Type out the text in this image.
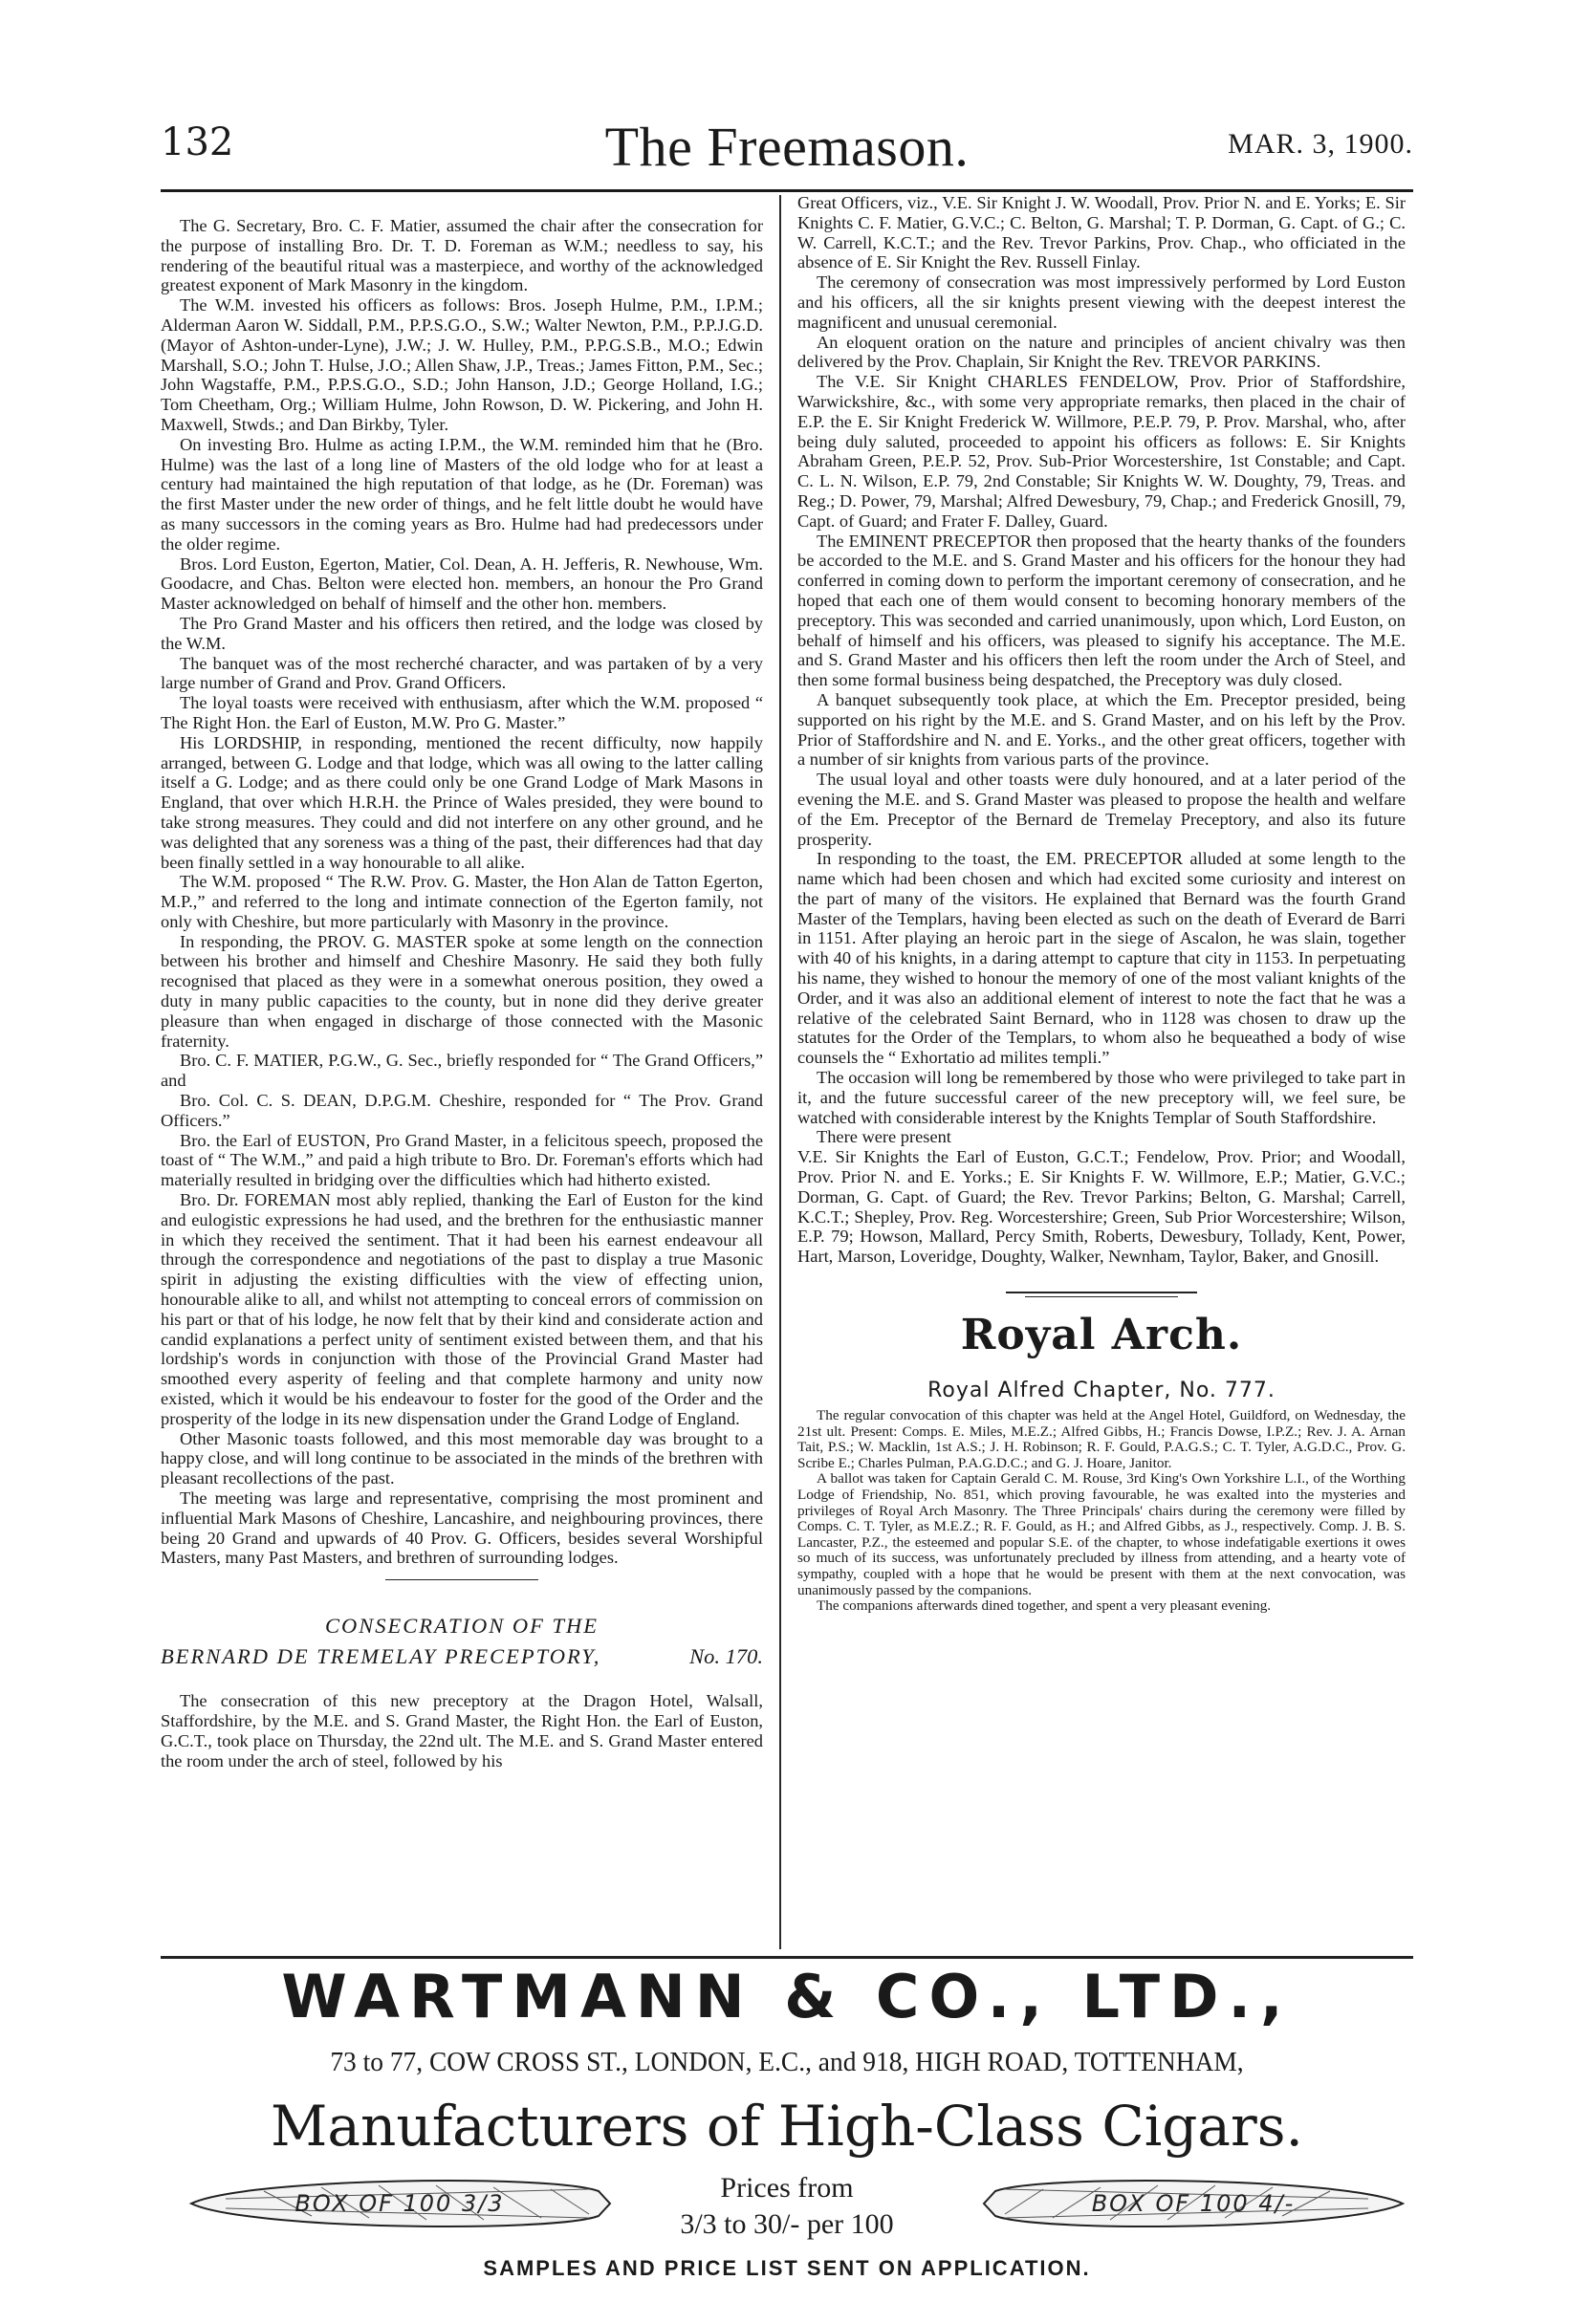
132	The Freemason.	MAR. 3, 1900.

The G. Secretary, Bro. C. F. Matier, assumed the chair after the consecration for the purpose of installing Bro. Dr. T. D. Foreman as W.M.; needless to say, his rendering of the beautiful ritual was a masterpiece, and worthy of the acknowledged greatest exponent of Mark Masonry in the kingdom.

The W.M. invested his officers as follows: Bros. Joseph Hulme, P.M., I.P.M.; Alderman Aaron W. Siddall, P.M., P.P.S.G.O., S.W.; Walter Newton, P.M., P.P.J.G.D. (Mayor of Ashton-under-Lyne), J.W.; J. W. Hulley, P.M., P.P.G.S.B., M.O.; Edwin Marshall, S.O.; John T. Hulse, J.O.; Allen Shaw, J.P., Treas.; James Fitton, P.M., Sec.; John Wagstaffe, P.M., P.P.S.G.O., S.D.; John Hanson, J.D.; George Holland, I.G.; Tom Cheetham, Org.; William Hulme, John Rowson, D. W. Pickering, and John H. Maxwell, Stwds.; and Dan Birkby, Tyler.

On investing Bro. Hulme as acting I.P.M., the W.M. reminded him that he (Bro. Hulme) was the last of a long line of Masters of the old lodge who for at least a century had maintained the high reputation of that lodge, as he (Dr. Foreman) was the first Master under the new order of things, and he felt little doubt he would have as many successors in the coming years as Bro. Hulme had had predecessors under the older regime.

Bros. Lord Euston, Egerton, Matier, Col. Dean, A. H. Jefferis, R. Newhouse, Wm. Goodacre, and Chas. Belton were elected hon. members, an honour the Pro Grand Master acknowledged on behalf of himself and the other hon. members.

The Pro Grand Master and his officers then retired, and the lodge was closed by the W.M.

The banquet was of the most recherché character, and was partaken of by a very large number of Grand and Prov. Grand Officers.

The loyal toasts were received with enthusiasm, after which the W.M. proposed “ The Right Hon. the Earl of Euston, M.W. Pro G. Master.”

His LORDSHIP, in responding, mentioned the recent difficulty, now happily arranged, between G. Lodge and that lodge, which was all owing to the latter calling itself a G. Lodge; and as there could only be one Grand Lodge of Mark Masons in England, that over which H.R.H. the Prince of Wales presided, they were bound to take strong measures. They could and did not interfere on any other ground, and he was delighted that any soreness was a thing of the past, their differences had that day been finally settled in a way honourable to all alike.

The W.M. proposed “ The R.W. Prov. G. Master, the Hon Alan de Tatton Egerton, M.P.,” and referred to the long and intimate connection of the Egerton family, not only with Cheshire, but more particularly with Masonry in the province.

In responding, the PROV. G. MASTER spoke at some length on the connection between his brother and himself and Cheshire Masonry. He said they both fully recognised that placed as they were in a somewhat onerous position, they owed a duty in many public capacities to the county, but in none did they derive greater pleasure than when engaged in discharge of those connected with the Masonic fraternity.

Bro. C. F. MATIER, P.G.W., G. Sec., briefly responded for “ The Grand Officers,” and

Bro. Col. C. S. DEAN, D.P.G.M. Cheshire, responded for “ The Prov. Grand Officers.”

Bro. the Earl of EUSTON, Pro Grand Master, in a felicitous speech, proposed the toast of “ The W.M.,” and paid a high tribute to Bro. Dr. Foreman's efforts which had materially resulted in bridging over the difficulties which had hitherto existed.

Bro. Dr. FOREMAN most ably replied, thanking the Earl of Euston for the kind and eulogistic expressions he had used, and the brethren for the enthusiastic manner in which they received the sentiment. That it had been his earnest endeavour all through the correspondence and negotiations of the past to display a true Masonic spirit in adjusting the existing difficulties with the view of effecting union, honourable alike to all, and whilst not attempting to conceal errors of commission on his part or that of his lodge, he now felt that by their kind and considerate action and candid explanations a perfect unity of sentiment existed between them, and that his lordship's words in conjunction with those of the Provincial Grand Master had smoothed every asperity of feeling and that complete harmony and unity now existed, which it would be his endeavour to foster for the good of the Order and the prosperity of the lodge in its new dispensation under the Grand Lodge of England.

Other Masonic toasts followed, and this most memorable day was brought to a happy close, and will long continue to be associated in the minds of the brethren with pleasant recollections of the past.

The meeting was large and representative, comprising the most prominent and influential Mark Masons of Cheshire, Lancashire, and neighbouring provinces, there being 20 Grand and upwards of 40 Prov. G. Officers, besides several Worshipful Masters, many Past Masters, and brethren of surrounding lodges.

CONSECRATION OF THE
No. 170.
BERNARD DE TREMELAY PRECEPTORY,

The consecration of this new preceptory at the Dragon Hotel, Walsall, Staffordshire, by the M.E. and S. Grand Master, the Right Hon. the Earl of Euston, G.C.T., took place on Thursday, the 22nd ult. The M.E. and S. Grand Master entered the room under the arch of steel, followed by his

Great Officers, viz., V.E. Sir Knight J. W. Woodall, Prov. Prior N. and E. Yorks; E. Sir Knights C. F. Matier, G.V.C.; C. Belton, G. Marshal; T. P. Dorman, G. Capt. of G.; C. W. Carrell, K.C.T.; and the Rev. Trevor Parkins, Prov. Chap., who officiated in the absence of E. Sir Knight the Rev. Russell Finlay.

The ceremony of consecration was most impressively performed by Lord Euston and his officers, all the sir knights present viewing with the deepest interest the magnificent and unusual ceremonial.

An eloquent oration on the nature and principles of ancient chivalry was then delivered by the Prov. Chaplain, Sir Knight the Rev. TREVOR PARKINS.

The V.E. Sir Knight CHARLES FENDELOW, Prov. Prior of Staffordshire, Warwickshire, &c., with some very appropriate remarks, then placed in the chair of E.P. the E. Sir Knight Frederick W. Willmore, P.E.P. 79, P. Prov. Marshal, who, after being duly saluted, proceeded to appoint his officers as follows: E. Sir Knights Abraham Green, P.E.P. 52, Prov. Sub-Prior Worcestershire, 1st Constable; and Capt. C. L. N. Wilson, E.P. 79, 2nd Constable; Sir Knights W. W. Doughty, 79, Treas. and Reg.; D. Power, 79, Marshal; Alfred Dewesbury, 79, Chap.; and Frederick Gnosill, 79, Capt. of Guard; and Frater F. Dalley, Guard.

The EMINENT PRECEPTOR then proposed that the hearty thanks of the founders be accorded to the M.E. and S. Grand Master and his officers for the honour they had conferred in coming down to perform the important ceremony of consecration, and he hoped that each one of them would consent to becoming honorary members of the preceptory. This was seconded and carried unanimously, upon which, Lord Euston, on behalf of himself and his officers, was pleased to signify his acceptance. The M.E. and S. Grand Master and his officers then left the room under the Arch of Steel, and then some formal business being despatched, the Preceptory was duly closed.

A banquet subsequently took place, at which the Em. Preceptor presided, being supported on his right by the M.E. and S. Grand Master, and on his left by the Prov. Prior of Staffordshire and N. and E. Yorks., and the other great officers, together with a number of sir knights from various parts of the province.

The usual loyal and other toasts were duly honoured, and at a later period of the evening the M.E. and S. Grand Master was pleased to propose the health and welfare of the Em. Preceptor of the Bernard de Tremelay Preceptory, and also its future prosperity.

In responding to the toast, the EM. PRECEPTOR alluded at some length to the name which had been chosen and which had excited some curiosity and interest on the part of many of the visitors. He explained that Bernard was the fourth Grand Master of the Templars, having been elected as such on the death of Everard de Barri in 1151. After playing an heroic part in the siege of Ascalon, he was slain, together with 40 of his knights, in a daring attempt to capture that city in 1153. In perpetuating his name, they wished to honour the memory of one of the most valiant knights of the Order, and it was also an additional element of interest to note the fact that he was a relative of the celebrated Saint Bernard, who in 1128 was chosen to draw up the statutes for the Order of the Templars, to whom also he bequeathed a body of wise counsels the “ Exhortatio ad milites templi.”

The occasion will long be remembered by those who were privileged to take part in it, and the future successful career of the new preceptory will, we feel sure, be watched with considerable interest by the Knights Templar of South Staffordshire.

There were present

V.E. Sir Knights the Earl of Euston, G.C.T.; Fendelow, Prov. Prior; and Woodall, Prov. Prior N. and E. Yorks.; E. Sir Knights F. W. Willmore, E.P.; Matier, G.V.C.; Dorman, G. Capt. of Guard; the Rev. Trevor Parkins; Belton, G. Marshal; Carrell, K.C.T.; Shepley, Prov. Reg. Worcestershire; Green, Sub Prior Worcestershire; Wilson, E.P. 79; Howson, Mallard, Percy Smith, Roberts, Dewesbury, Tollady, Kent, Power, Hart, Marson, Loveridge, Doughty, Walker, Newnham, Taylor, Baker, and Gnosill.

Royal Arch.
Royal Alfred Chapter, No. 777.

The regular convocation of this chapter was held at the Angel Hotel, Guildford, on Wednesday, the 21st ult. Present: Comps. E. Miles, M.E.Z.; Alfred Gibbs, H.; Francis Dowse, I.P.Z.; Rev. J. A. Arnan Tait, P.S.; W. Macklin, 1st A.S.; J. H. Robinson; R. F. Gould, P.A.G.S.; C. T. Tyler, A.G.D.C., Prov. G. Scribe E.; Charles Pulman, P.A.G.D.C.; and G. J. Hoare, Janitor.

A ballot was taken for Captain Gerald C. M. Rouse, 3rd King's Own Yorkshire L.I., of the Worthing Lodge of Friendship, No. 851, which proving favourable, he was exalted into the mysteries and privileges of Royal Arch Masonry. The Three Principals' chairs during the ceremony were filled by Comps. C. T. Tyler, as M.E.Z.; R. F. Gould, as H.; and Alfred Gibbs, as J., respectively. Comp. J. B. S. Lancaster, P.Z., the esteemed and popular S.E. of the chapter, to whose indefatigable exertions it owes so much of its success, was unfortunately precluded by illness from attending, and a hearty vote of sympathy, coupled with a hope that he would be present with them at the next convocation, was unanimously passed by the companions.

The companions afterwards dined together, and spent a very pleasant evening.

WARTMANN & CO., LTD.,
73 to 77, COW CROSS ST., LONDON, E.C., and 918, HIGH ROAD, TOTTENHAM,
Manufacturers of High-Class Cigars.
BOX OF 100 3/3	Prices from
3/3 to 30/- per 100
BOX OF 100 4/-
SAMPLES AND PRICE LIST SENT ON APPLICATION.
